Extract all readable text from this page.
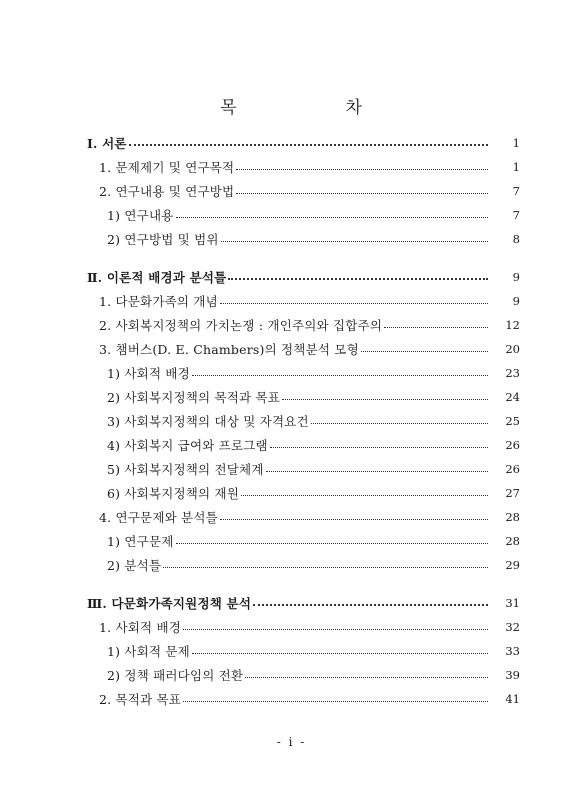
목	차
Ⅰ. 서론	1
1. 문제제기 및 연구목적	1
2. 연구내용 및 연구방법	7
1) 연구내용	7
2) 연구방법 및 범위	8
Ⅱ. 이론적 배경과 분석틀	9
1. 다문화가족의 개념	9
2. 사회복지정책의 가치논쟁 : 개인주의와 집합주의	12
3. 챔버스(D. E. Chambers)의 정책분석 모형	20
1) 사회적 배경	23
2) 사회복지정책의 목적과 목표	24
3) 사회복지정책의 대상 및 자격요건	25
4) 사회복지 급여와 프로그램	26
5) 사회복지정책의 전달체계	26
6) 사회복지정책의 재원	27
4. 연구문제와 분석틀	28
1) 연구문제	28
2) 분석틀	29
Ⅲ. 다문화가족지원정책 분석	31
1. 사회적 배경	32
1) 사회적 문제	33
2) 정책 패러다임의 전환	39
2. 목적과 목표	41
- i -
